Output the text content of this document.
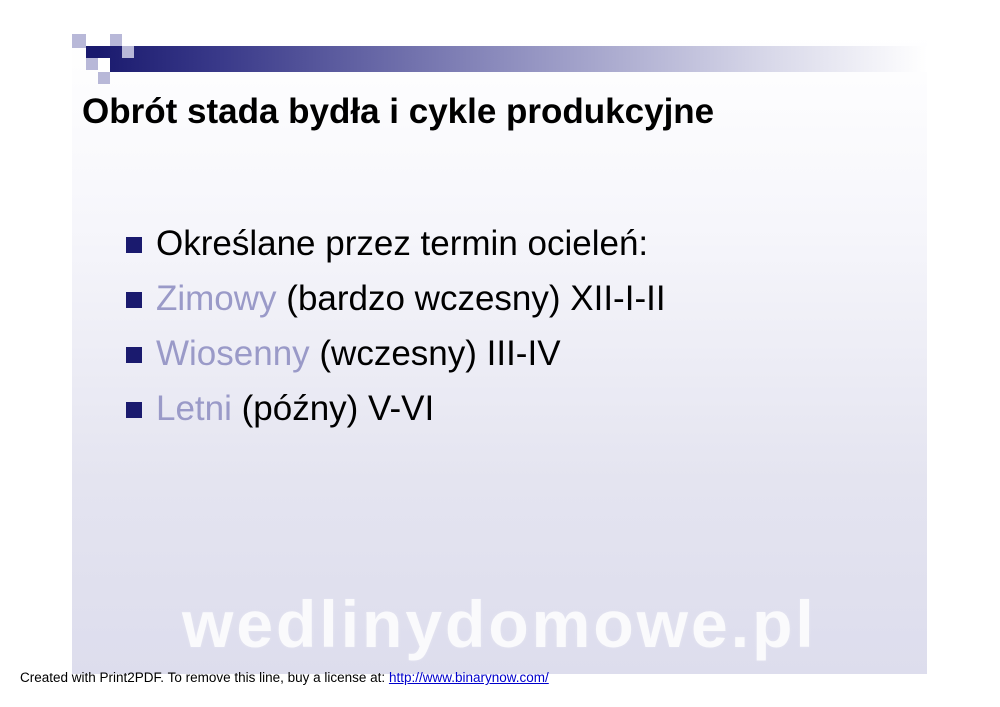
Obrót stada bydła i cykle produkcyjne
Określane przez termin ocieleń:
Zimowy (bardzo wczesny) XII-I-II
Wiosenny (wczesny) III-IV
Letni (późny) V-VI
wedlinydomowe.pl
Created with Print2PDF. To remove this line, buy a license at: http://www.binarynow.com/
